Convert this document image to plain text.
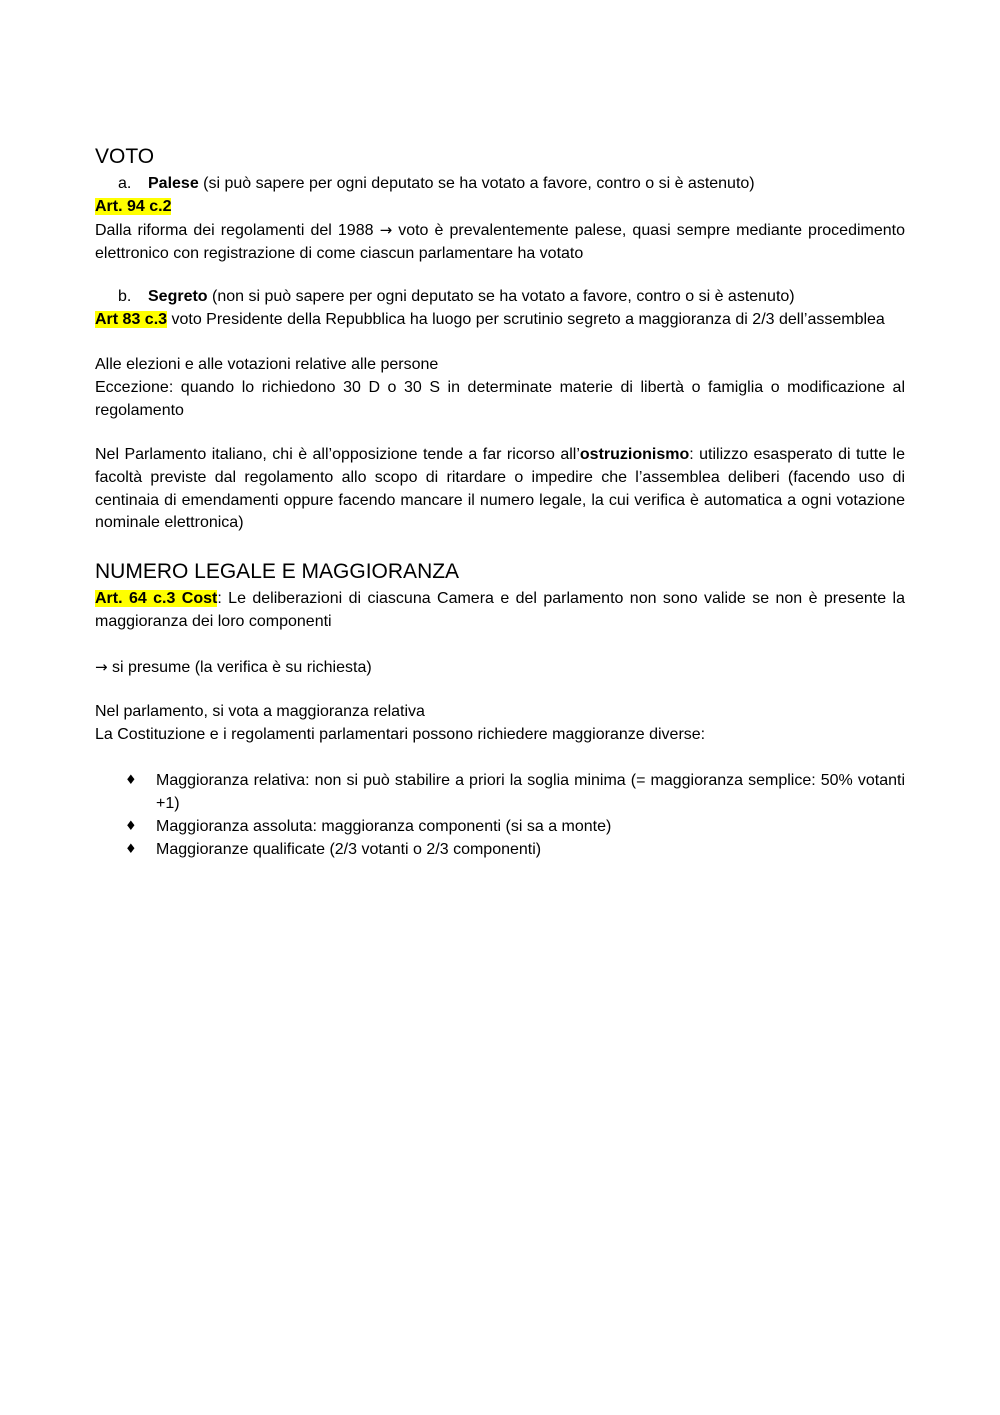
VOTO
a. Palese (si può sapere per ogni deputato se ha votato a favore, contro o si è astenuto)
Art. 94 c.2
Dalla riforma dei regolamenti del 1988 → voto è prevalentemente palese, quasi sempre mediante procedimento elettronico con registrazione di come ciascun parlamentare ha votato
b. Segreto (non si può sapere per ogni deputato se ha votato a favore, contro o si è astenuto)
Art 83 c.3 voto Presidente della Repubblica ha luogo per scrutinio segreto a maggioranza di 2/3 dell’assemblea
Alle elezioni e alle votazioni relative alle persone
Eccezione: quando lo richiedono 30 D o 30 S in determinate materie di libertà o famiglia o modificazione al regolamento
Nel Parlamento italiano, chi è all’opposizione tende a far ricorso all’ostruzionismo: utilizzo esasperato di tutte le facoltà previste dal regolamento allo scopo di ritardare o impedire che l’assemblea deliberi (facendo uso di centinaia di emendamenti oppure facendo mancare il numero legale, la cui verifica è automatica a ogni votazione nominale elettronica)
NUMERO LEGALE E MAGGIORANZA
Art. 64 c.3 Cost: Le deliberazioni di ciascuna Camera e del parlamento non sono valide se non è presente la maggioranza dei loro componenti
→ si presume (la verifica è su richiesta)
Nel parlamento, si vota a maggioranza relativa
La Costituzione e i regolamenti parlamentari possono richiedere maggioranze diverse:
♦ Maggioranza relativa: non si può stabilire a priori la soglia minima (= maggioranza semplice: 50% votanti +1)
♦ Maggioranza assoluta: maggioranza componenti (si sa a monte)
♦ Maggioranze qualificate (2/3 votanti o 2/3 componenti)
